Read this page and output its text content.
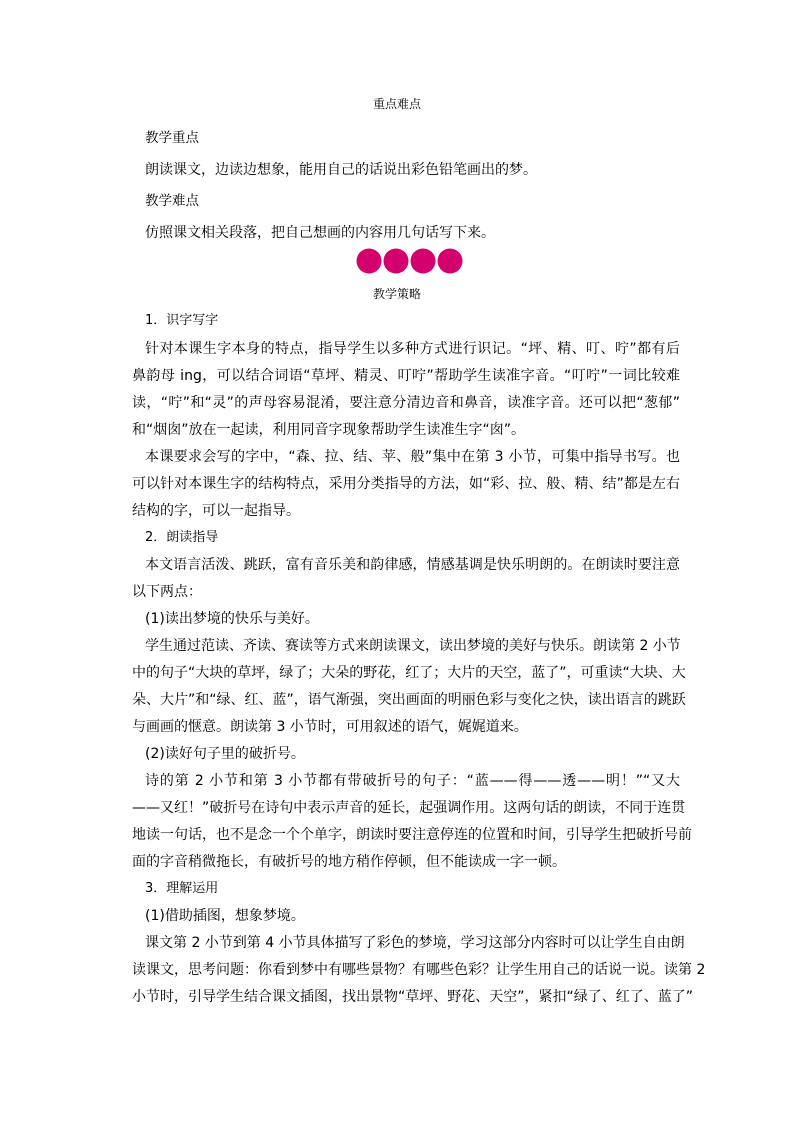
重点难点

教学重点

朗读课文，边读边想象，能用自己的话说出彩色铅笔画出的梦。

教学难点

仿照课文相关段落，把自己想画的内容用几句话写下来。

教学策略

1．识字写字

针对本课生字本身的特点，指导学生以多种方式进行识记。“坪、精、叮、咛”都有后

鼻韵母 ing，可以结合词语“草坪、精灵、叮咛”帮助学生读准字音。“叮咛”一词比较难

读，“咛”和“灵”的声母容易混淆，要注意分清边音和鼻音，读准字音。还可以把“葱郁”

和“烟囱”放在一起读，利用同音字现象帮助学生读准生字“囱”。

本课要求会写的字中，“森、拉、结、苹、般”集中在第 3 小节，可集中指导书写。也

可以针对本课生字的结构特点，采用分类指导的方法，如“彩、拉、般、精、结”都是左右

结构的字，可以一起指导。

2．朗读指导

本文语言活泼、跳跃，富有音乐美和韵律感，情感基调是快乐明朗的。在朗读时要注意

以下两点：

(1)读出梦境的快乐与美好。

学生通过范读、齐读、赛读等方式来朗读课文，读出梦境的美好与快乐。朗读第 2 小节

中的句子“大块的草坪，绿了；大朵的野花，红了；大片的天空，蓝了”，可重读“大块、大

朵、大片”和“绿、红、蓝”，语气渐强，突出画面的明丽色彩与变化之快，读出语言的跳跃

与画画的惬意。朗读第 3 小节时，可用叙述的语气，娓娓道来。

(2)读好句子里的破折号。

诗的第 2 小节和第 3 小节都有带破折号的句子：“蓝——得——透——明！”“又大

——又红！”破折号在诗句中表示声音的延长，起强调作用。这两句话的朗读，不同于连贯

地读一句话，也不是念一个个单字，朗读时要注意停连的位置和时间，引导学生把破折号前

面的字音稍微拖长，有破折号的地方稍作停顿，但不能读成一字一顿。

3．理解运用

(1)借助插图，想象梦境。

课文第 2 小节到第 4 小节具体描写了彩色的梦境，学习这部分内容时可以让学生自由朗

读课文，思考问题：你看到梦中有哪些景物？有哪些色彩？让学生用自己的话说一说。读第 2

小节时，引导学生结合课文插图，找出景物“草坪、野花、天空”，紧扣“绿了、红了、蓝了”
